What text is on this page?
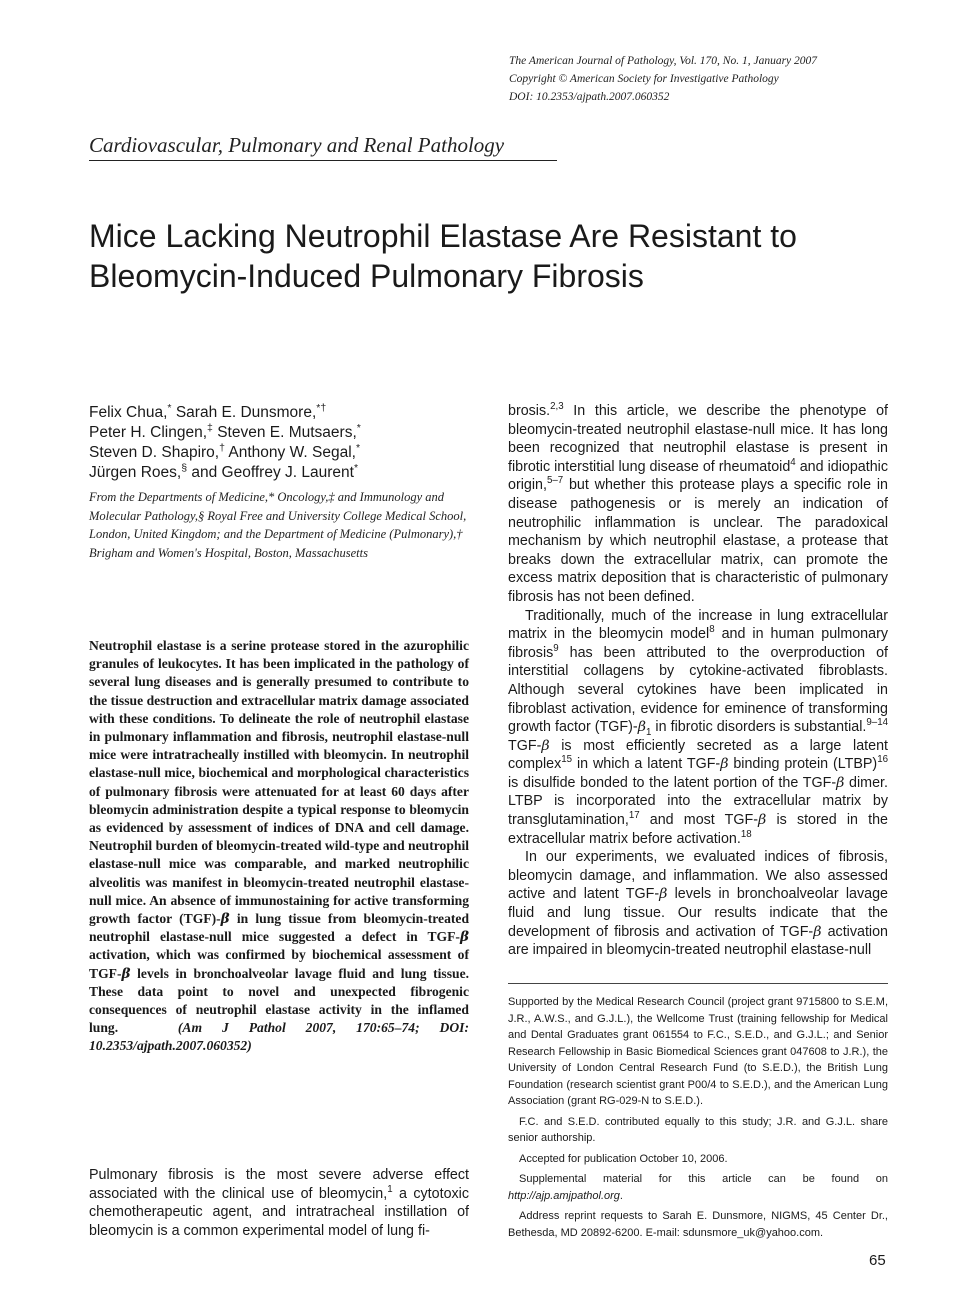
The American Journal of Pathology, Vol. 170, No. 1, January 2007
Copyright © American Society for Investigative Pathology
DOI: 10.2353/ajpath.2007.060352
Cardiovascular, Pulmonary and Renal Pathology
Mice Lacking Neutrophil Elastase Are Resistant to
Bleomycin-Induced Pulmonary Fibrosis
Felix Chua,* Sarah E. Dunsmore,*†
Peter H. Clingen,‡ Steven E. Mutsaers,*
Steven D. Shapiro,† Anthony W. Segal,*
Jürgen Roes,§ and Geoffrey J. Laurent*
From the Departments of Medicine,* Oncology,‡ and Immunology and Molecular Pathology,§ Royal Free and University College Medical School, London, United Kingdom; and the Department of Medicine (Pulmonary),† Brigham and Women's Hospital, Boston, Massachusetts

Neutrophil elastase is a serine protease stored in the azurophilic granules of leukocytes. It has been implicated in the pathology of several lung diseases and is generally presumed to contribute to the tissue destruction and extracellular matrix damage associated with these conditions. To delineate the role of neutrophil elastase in pulmonary inflammation and fibrosis, neutrophil elastase-null mice were intratracheally instilled with bleomycin. In neutrophil elastase-null mice, biochemical and morphological characteristics of pulmonary fibrosis were attenuated for at least 60 days after bleomycin administration despite a typical response to bleomycin as evidenced by assessment of indices of DNA and cell damage. Neutrophil burden of bleomycin-treated wild-type and neutrophil elastase-null mice was comparable, and marked neutrophilic alveolitis was manifest in bleomycin-treated neutrophil elastase-null mice. An absence of immunostaining for active transforming growth factor (TGF)-β in lung tissue from bleomycin-treated neutrophil elastase-null mice suggested a defect in TGF-β activation, which was confirmed by biochemical assessment of TGF-β levels in bronchoalveolar lavage fluid and lung tissue. These data point to novel and unexpected fibrogenic consequences of neutrophil elastase activity in the inflamed lung.	(Am J Pathol 2007, 170:65–74; DOI: 10.2353/ajpath.2007.060352)

Pulmonary fibrosis is the most severe adverse effect associated with the clinical use of bleomycin,$^1$ a cytotoxic chemotherapeutic agent, and intratracheal instillation of bleomycin is a common experimental model of lung fi-

brosis.$^{2,3}$ In this article, we describe the phenotype of bleomycin-treated neutrophil elastase-null mice. It has long been recognized that neutrophil elastase is present in fibrotic interstitial lung disease of rheumatoid$^4$ and idiopathic origin,$^{5-7}$ but whether this protease plays a specific role in disease pathogenesis or is merely an indication of neutrophilic inflammation is unclear. The paradoxical mechanism by which neutrophil elastase, a protease that breaks down the extracellular matrix, can promote the excess matrix deposition that is characteristic of pulmonary fibrosis has not been defined.

Traditionally, much of the increase in lung extracellular matrix in the bleomycin model$^8$ and in human pulmonary fibrosis$^9$ has been attributed to the overproduction of interstitial collagens by cytokine-activated fibroblasts. Although several cytokines have been implicated in fibroblast activation, evidence for eminence of transforming growth factor $(TGF)-\beta_1$ in fibrotic disorders is substantial.$^{9-14}$ TGF-β is most efficiently secreted as a large latent complex$^{15}$ in which a latent TGF-β binding protein (LTBP)$^{16}$ is disulfide bonded to the latent portion of the TGF-β dimer. LTBP is incorporated into the extracellular matrix by transglutamination,$^{17}$ and most TGF-β is stored in the extracellular matrix before activation.$^{18}$

In our experiments, we evaluated indices of fibrosis, bleomycin damage, and inflammation. We also assessed active and latent TGF-β levels in bronchoalveolar lavage fluid and lung tissue. Our results indicate that the development of fibrosis and activation of TGF-β activation are impaired in bleomycin-treated neutrophil elastase-null

Supported by the Medical Research Council (project grant 9715800 to S.E.M, J.R., A.W.S., and G.J.L.), the Wellcome Trust (training fellowship for Medical and Dental Graduates grant 061554 to F.C., S.E.D., and G.J.L.; and Senior Research Fellowship in Basic Biomedical Sciences grant 047608 to J.R.), the University of London Central Research Fund (to S.E.D.), the British Lung Foundation (research scientist grant P00/4 to S.E.D.), and the American Lung Association (grant RG-029-N to S.E.D.).

F.C. and S.E.D. contributed equally to this study; J.R. and G.J.L. share senior authorship.

Accepted for publication October 10, 2006.

Supplemental material for this article can be found on http://ajp.amjpathol.org.

Address reprint requests to Sarah E. Dunsmore, NIGMS, 45 Center Dr., Bethesda, MD 20892-6200. E-mail: sdunsmore_uk@yahoo.com.

65
